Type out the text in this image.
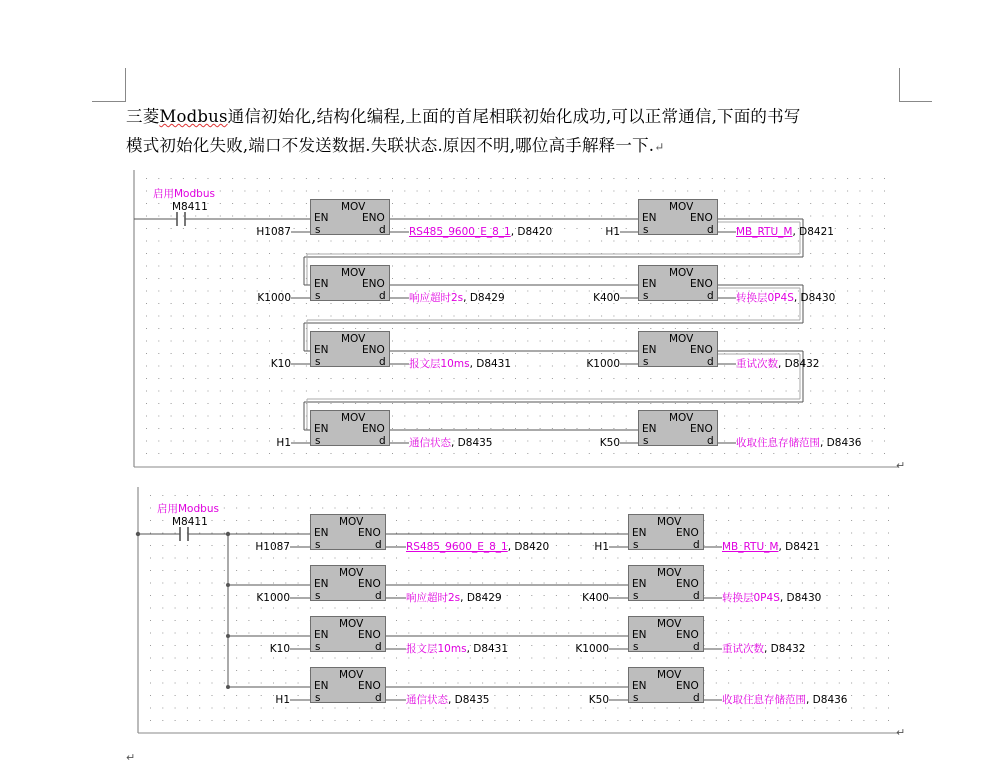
三菱Modbus通信初始化,结构化编程,上面的首尾相联初始化成功,可以正常通信,下面的书写
模式初始化失败,端口不发送数据.失联状态.原因不明,哪位高手解释一下.↵
启用Modbus
M8411	MOV
EN	ENO
s	d
MOV
EN	ENO
s	d
H1087	H1
RS485_9600_E_8_1, D8420	MB_RTU_M, D8421
MOV
EN	ENO
s	d
MOV
EN	ENO
s	d
K1000	K400
响应超时2s, D8429	转换层0P4S, D8430
MOV
EN	ENO
s	d
MOV
EN	ENO
s	d
K10	K1000
报文层10ms, D8431	重试次数, D8432
MOV
EN	ENO
s	d
MOV
EN	ENO
s	d
H1	K50
通信状态, D8435	收取住息存储范围, D8436
启用Modbus
M8411	MOV
EN	ENO
s	d
MOV
EN	ENO
s	d
H1087	H1
RS485_9600_E_8_1, D8420	MB_RTU_M, D8421
MOV
EN	ENO
s	d
MOV
EN	ENO
s	d
K1000	K400
响应超时2s, D8429	转换层0P4S, D8430
MOV
EN	ENO
s	d
MOV
EN	ENO
s	d
K10	K1000
报文层10ms, D8431	重试次数, D8432
MOV
EN	ENO
s	d
MOV
EN	ENO
s	d
H1	K50
通信状态, D8435	收取住息存储范围, D8436
↵
↵
↵
